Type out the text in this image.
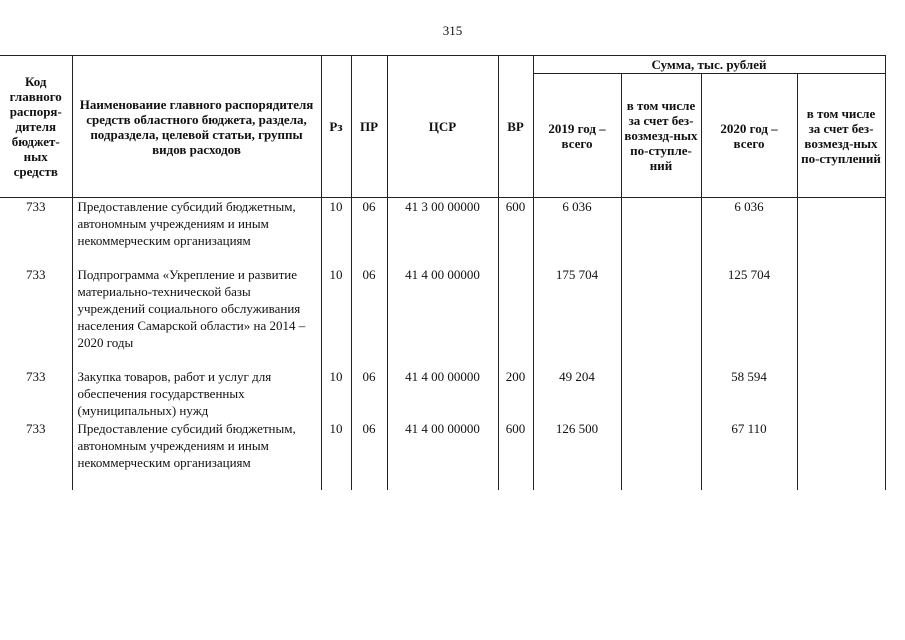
315
Код главного распоря-дителя бюджет-ных средств	Наименоваиие главного распорядителя средств областного бюджета, раздела, подраздела, целевой статьи, группы видов расходов	Рз	ПР	ЦСР	ВР	Сумма, тыс. рублей			
						2019 год – всего	в том числе за счет без-возмезд-ных по-ступле-ний	2020 год – всего	в том числе за счет без-возмезд-ных по-ступлений
733	Предоставление субсидий бюджетным, автономным учреждениям и иным некоммерческим организациям	10	06	41 3 00 00000	600	6 036		6 036	
733	Подпрограмма «Укрепление и развитие материально-технической базы учреждений социального обслуживания населения Самарской области» на 2014 – 2020 годы	10	06	41 4 00 00000		175 704		125 704	
733	Закупка товаров, работ и услуг для обеспечения государственных (муниципальных) нужд	10	06	41 4 00 00000	200	49 204		58 594	
733	Предоставление субсидий бюджетным, автономным учреждениям и иным некоммерческим организациям	10	06	41 4 00 00000	600	126 500		67 110	
